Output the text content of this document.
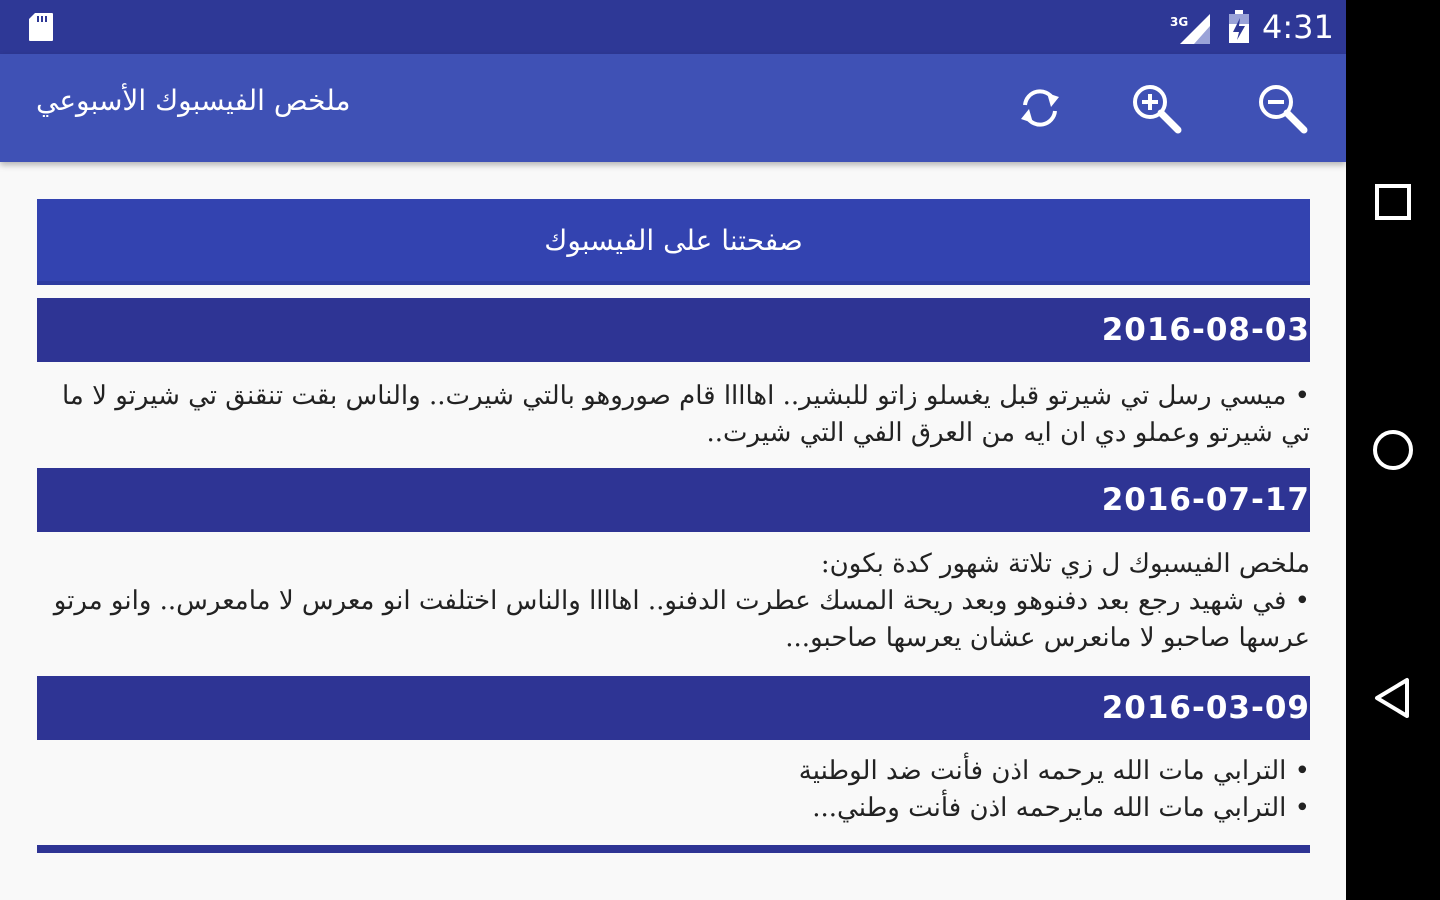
3G 4:31
ملخص الفيسبوك الأسبوعي
صفحتنا على الفيسبوك
2016-08-03

• ميسي رسل تي شيرتو قبل يغسلو زاتو للبشير.. اهاااا قام صوروهو بالتي شيرت.. والناس بقت تنقنق تي شيرتو لا ما تي شيرتو وعملو دي ان ايه من العرق الفي التي شيرت..

2016-07-17

ملخص الفيسبوك ل زي تلاتة شهور كدة بكون:

• في شهيد رجع بعد دفنوهو وبعد ريحة المسك عطرت الدفنو.. اهاااا والناس اختلفت انو معرس لا مامعرس.. وانو مرتو عرسها صاحبو لا مانعرس عشان يعرسها صاحبو...

2016-03-09

• الترابي مات الله يرحمه اذن فأنت ضد الوطنية

• الترابي مات الله مايرحمه اذن فأنت وطني...
